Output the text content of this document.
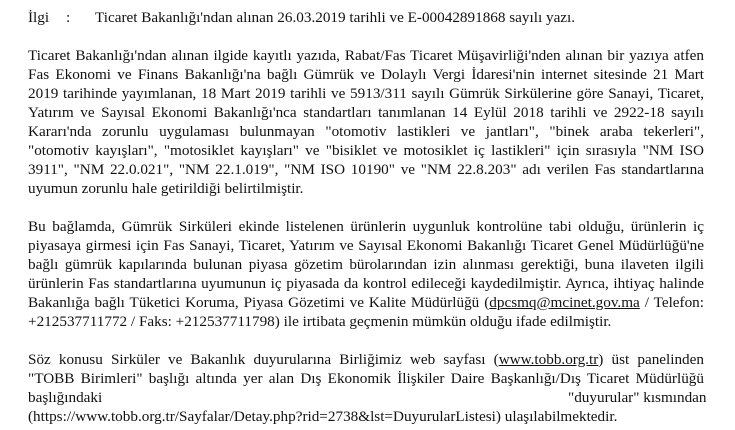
İlgi : Ticaret Bakanlığı'ndan alınan 26.03.2019 tarihli ve E-00042891868 sayılı yazı.
Ticaret Bakanlığı'ndan alınan ilgide kayıtlı yazıda, Rabat/Fas Ticaret Müşavirliği'nden alınan bir yazıya atfen
Fas Ekonomi ve Finans Bakanlığı'na bağlı Gümrük ve Dolaylı Vergi İdaresi'nin internet sitesinde 21 Mart
2019 tarihinde yayımlanan, 18 Mart 2019 tarihli ve 5913/311 sayılı Gümrük Sirkülerine göre Sanayi, Ticaret,
Yatırım ve Sayısal Ekonomi Bakanlığı'nca standartları tanımlanan 14 Eylül 2018 tarihli ve 2922-18 sayılı
Kararı'nda zorunlu uygulaması bulunmayan "otomotiv lastikleri ve jantları", "binek araba tekerleri",
"otomotiv kayışları", "motosiklet kayışları" ve "bisiklet ve motosiklet iç lastikleri" için sırasıyla "NM ISO
3911", "NM 22.0.021", "NM 22.1.019", "NM ISO 10190" ve "NM 22.8.203" adı verilen Fas standartlarına
uyumun zorunlu hale getirildiği belirtilmiştir.
Bu bağlamda, Gümrük Sirküleri ekinde listelenen ürünlerin uygunluk kontrolüne tabi olduğu, ürünlerin iç
piyasaya girmesi için Fas Sanayi, Ticaret, Yatırım ve Sayısal Ekonomi Bakanlığı Ticaret Genel Müdürlüğü'ne
bağlı gümrük kapılarında bulunan piyasa gözetim bürolarından izin alınması gerektiği, buna ilaveten ilgili
ürünlerin Fas standartlarına uyumunun iç piyasada da kontrol edileceği kaydedilmiştir. Ayrıca, ihtiyaç halinde
Bakanlığa bağlı Tüketici Koruma, Piyasa Gözetimi ve Kalite Müdürlüğü (dpcsmq@mcinet.gov.ma / Telefon:
+212537711772 / Faks: +212537711798) ile irtibata geçmenin mümkün olduğu ifade edilmiştir.
Söz konusu Sirküler ve Bakanlık duyurularına Birliğimiz web sayfası (www.tobb.org.tr) üst panelinden
"TOBB Birimleri" başlığı altında yer alan Dış Ekonomik İlişkiler Daire Başkanlığı/Dış Ticaret Müdürlüğü
başlığındaki	"duyurular" kısmından
(https://www.tobb.org.tr/Sayfalar/Detay.php?rid=2738&lst=DuyurularListesi) ulaşılabilmektedir.
